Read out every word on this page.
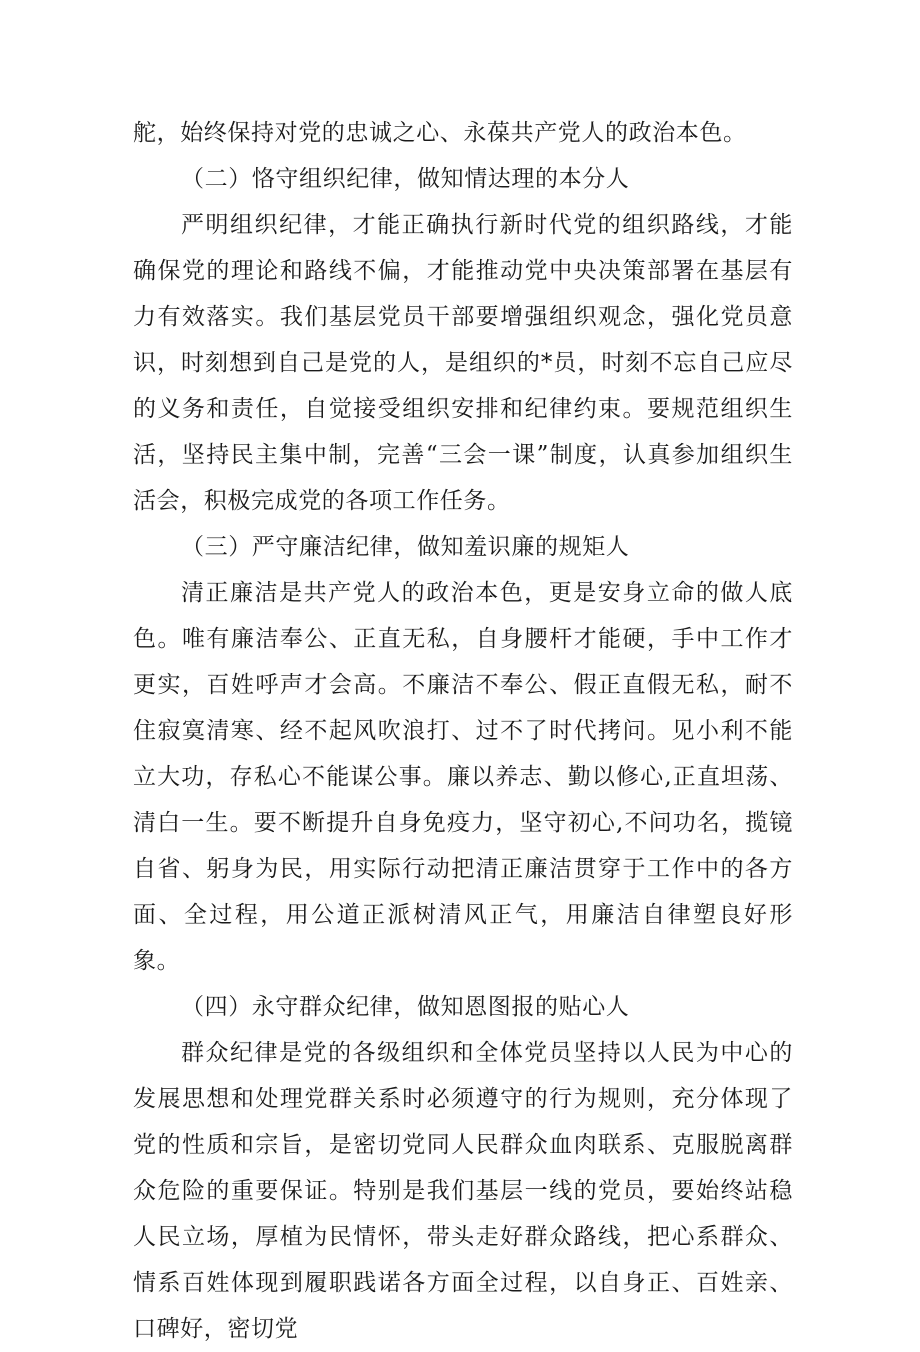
舵，始终保持对党的忠诚之心、永葆共产党人的政治本色。

（二）恪守组织纪律，做知情达理的本分人

严明组织纪律，才能正确执行新时代党的组织路线，才能确保党的理论和路线不偏，才能推动党中央决策部署在基层有力有效落实。我们基层党员干部要增强组织观念，强化党员意识，时刻想到自己是党的人，是组织的*员，时刻不忘自己应尽的义务和责任，自觉接受组织安排和纪律约束。要规范组织生活，坚持民主集中制，完善“三会一课”制度，认真参加组织生活会，积极完成党的各项工作任务。

（三）严守廉洁纪律，做知羞识廉的规矩人

清正廉洁是共产党人的政治本色，更是安身立命的做人底色。唯有廉洁奉公、正直无私，自身腰杆才能硬，手中工作才更实，百姓呼声才会高。不廉洁不奉公、假正直假无私，耐不住寂寞清寒、经不起风吹浪打、过不了时代拷问。见小利不能立大功，存私心不能谋公事。廉以养志、勤以修心,正直坦荡、清白一生。要不断提升自身免疫力，坚守初心,不问功名，揽镜自省、躬身为民，用实际行动把清正廉洁贯穿于工作中的各方面、全过程，用公道正派树清风正气，用廉洁自律塑良好形象。

（四）永守群众纪律，做知恩图报的贴心人

群众纪律是党的各级组织和全体党员坚持以人民为中心的发展思想和处理党群关系时必须遵守的行为规则，充分体现了党的性质和宗旨，是密切党同人民群众血肉联系、克服脱离群众危险的重要保证。特别是我们基层一线的党员，要始终站稳人民立场，厚植为民情怀，带头走好群众路线，把心系群众、情系百姓体现到履职践诺各方面全过程，以自身正、百姓亲、口碑好，密切党
